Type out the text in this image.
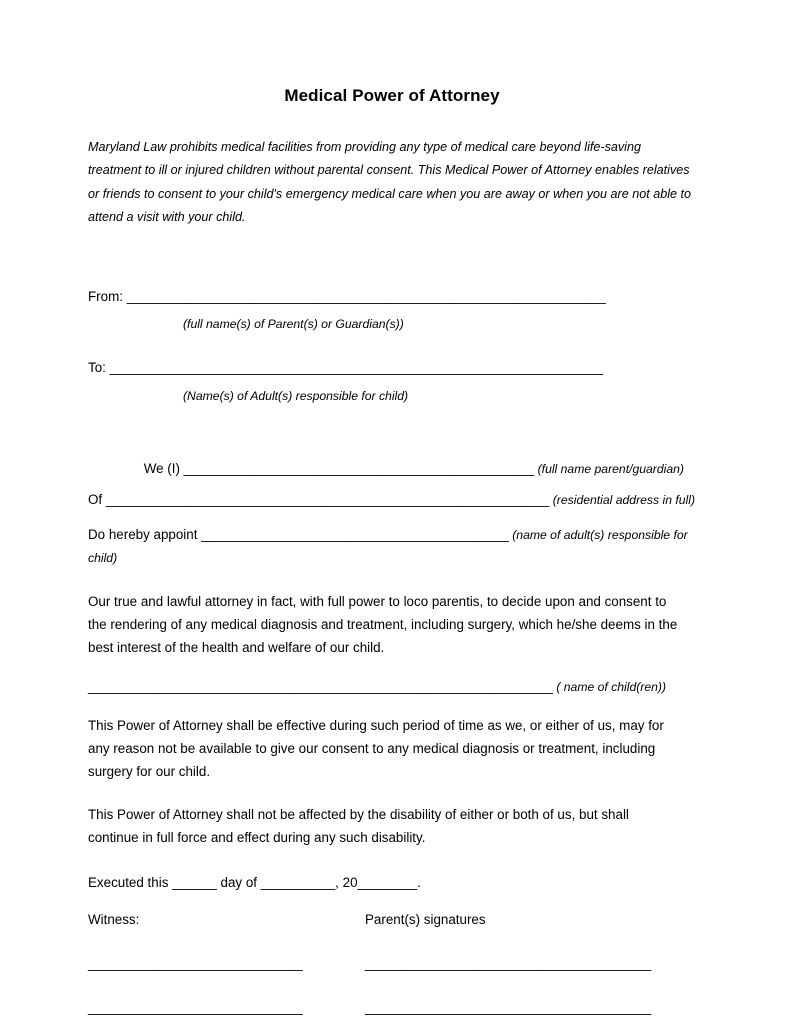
Medical Power of Attorney

Maryland Law prohibits medical facilities from providing any type of medical care beyond life-saving treatment to ill or injured children without parental consent. This Medical Power of Attorney enables relatives or friends to consent to your child's emergency medical care when you are away or when you are not able to attend a visit with your child.

From: ___________________________________________________________________
(full name(s) of Parent(s) or Guardian(s))
To: _____________________________________________________________________
(Name(s) of Adult(s) responsible for child)
We (I) _________________________________________________ (full name parent/guardian)
Of ______________________________________________________________ (residential address in full)
Do hereby appoint ___________________________________________ (name of adult(s) responsible for child)

Our true and lawful attorney in fact, with full power to loco parentis, to decide upon and consent to the rendering of any medical diagnosis and treatment, including surgery, which he/she deems in the best interest of the health and welfare of our child.

_________________________________________________________________ ( name of child(ren))

This Power of Attorney shall be effective during such period of time as we, or either of us, may for any reason not be available to give our consent to any medical diagnosis or treatment, including surgery for our child.

This Power of Attorney shall not be affected by the disability of either or both of us, but shall continue in full force and effect during any such disability.

Executed this ______ day of __________, 20________.
Witness:	Parent(s) signatures
______________________________	________________________________________
______________________________	________________________________________
